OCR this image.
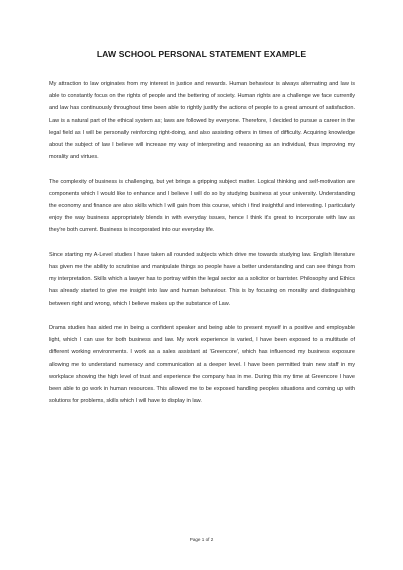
LAW SCHOOL PERSONAL STATEMENT EXAMPLE

My attraction to law originates from my interest in justice and rewards. Human behaviour is always alternating and law is able to constantly focus on the rights of people and the bettering of society. Human rights are a challenge we face currently and law has continuously throughout time been able to rightly justify the actions of people to a great amount of satisfaction. Law is a natural part of the ethical system as; laws are followed by everyone. Therefore, I decided to pursue a career in the legal field as I will be personally reinforcing right-doing, and also assisting others in times of difficulty. Acquiring knowledge about the subject of law I believe will increase my way of interpreting and reasoning as an individual, thus improving my morality and virtues.

The complexity of business is challenging, but yet brings a gripping subject matter. Logical thinking and self-motivation are components which I would like to enhance and I believe I will do so by studying business at your university. Understanding the economy and finance are also skills which I will gain from this course, which i find insightful and interesting. I particularly enjoy the way business appropriately blends in with everyday issues, hence I think it's great to incorporate with law as they're both current. Business is incorporated into our everyday life.

Since starting my A-Level studies I have taken all rounded subjects which drive me towards studying law. English literature has given me the ability to scrutinise and manipulate things so people have a better understanding and can see things from my interpretation. Skills which a lawyer has to portray within the legal sector as a solicitor or barrister. Philosophy and Ethics has already started to give me insight into law and human behaviour. This is by focusing on morality and distinguishing between right and wrong, which I believe makes up the substance of Law.

Drama studies has aided me in being a confident speaker and being able to present myself in a positive and employable light, which I can use for both business and law. My work experience is varied, I have been exposed to a multitude of different working environments. I work as a sales assistant at 'Greencore', which has influenced my business exposure allowing me to understand numeracy and communication at a deeper level. I have been permitted train new staff in my workplace showing the high level of trust and experience the company has in me. During this my time at Greencore I have been able to go work in human resources. This allowed me to be exposed handling peoples situations and coming up with solutions for problems, skills which I will have to display in law.

Page 1 of 2
